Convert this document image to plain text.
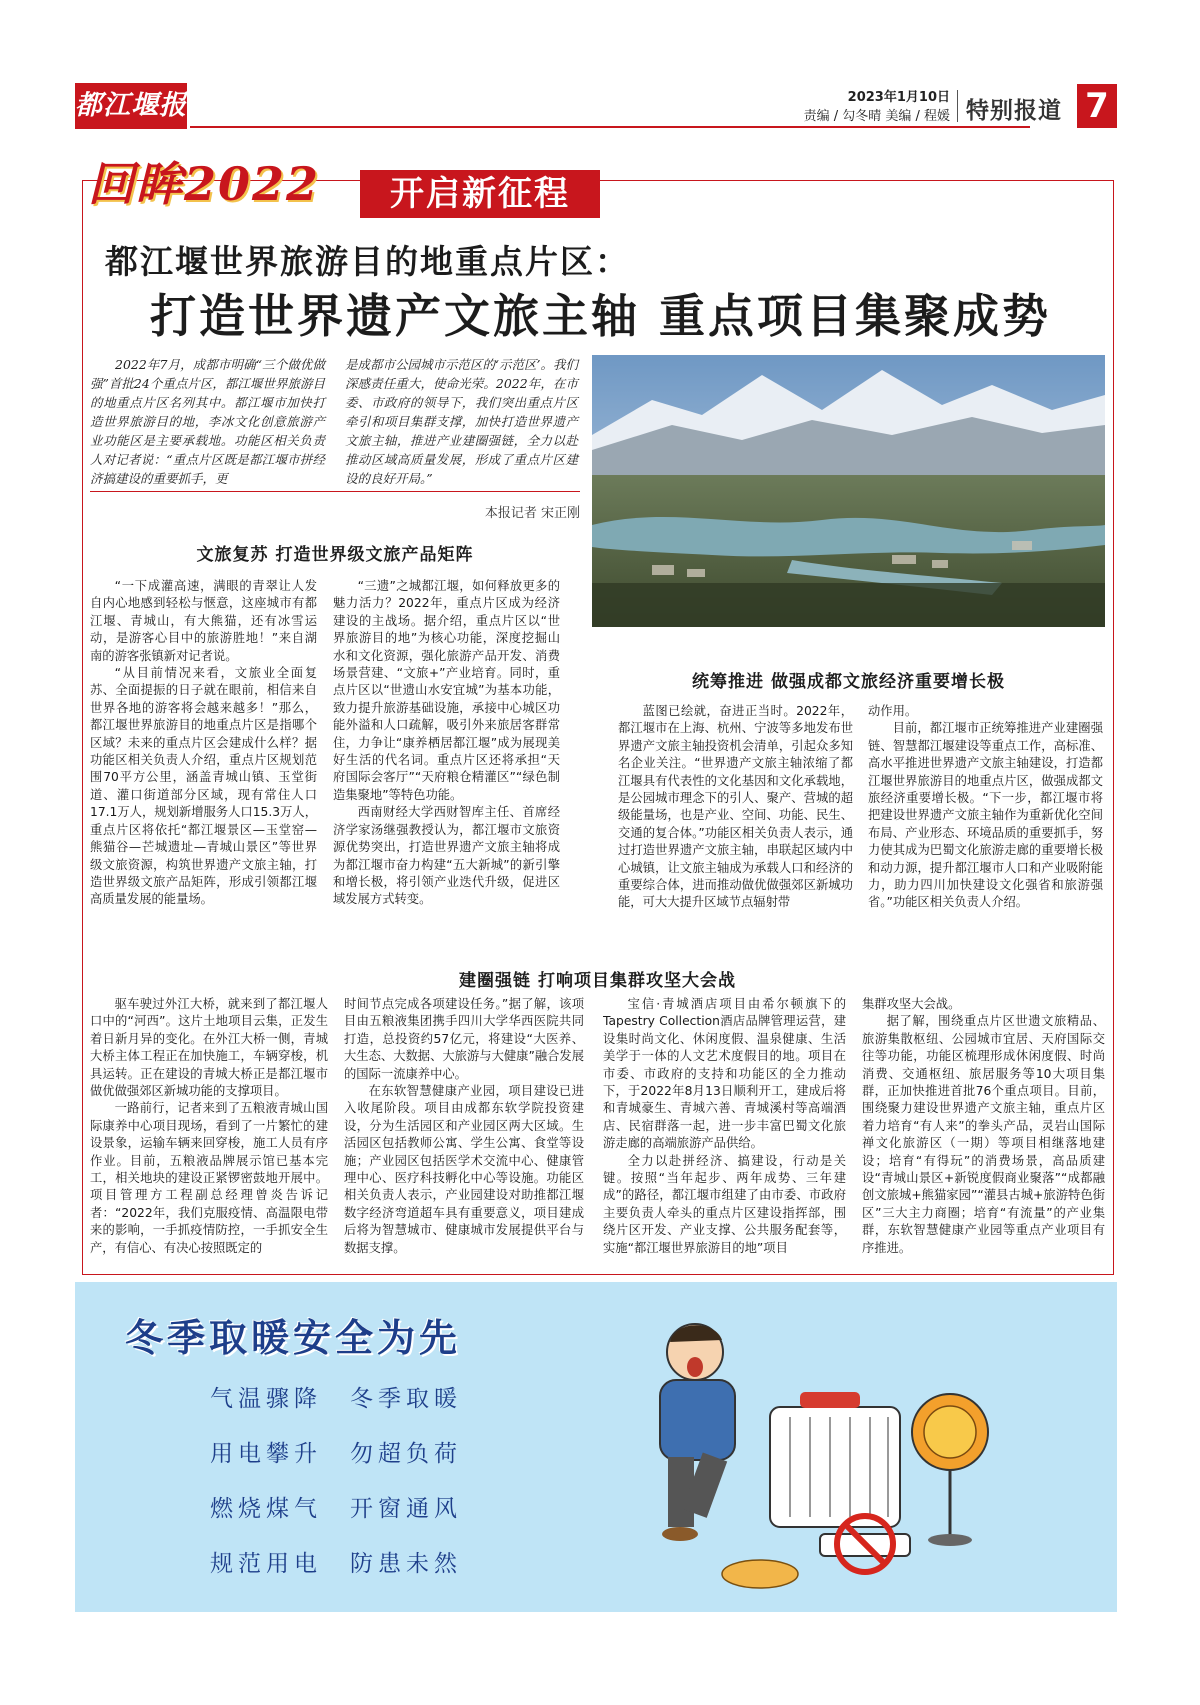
都江堰报	2023年1月10日
责编 / 勾冬晴 美编 / 程媛 特别报道 7
回眸2022	开启新征程
都江堰世界旅游目的地重点片区：
打造世界遗产文旅主轴 重点项目集聚成势
2022年7月，成都市明确“三个做优做强”首批24个重点片区，都江堰世界旅游目的地重点片区名列其中。都江堰市加快打造世界旅游目的地，李冰文化创意旅游产业功能区是主要承载地。功能区相关负责人对记者说：“重点片区既是都江堰市拼经济搞建设的重要抓手，更
是成都市公园城市示范区的‘示范区’。我们深感责任重大，使命光荣。2022年，在市委、市政府的领导下，我们突出重点片区牵引和项目集群支撑，加快打造世界遗产文旅主轴，推进产业建圈强链，全力以赴推动区域高质量发展，形成了重点片区建设的良好开局。”
本报记者 宋正刚
文旅复苏 打造世界级文旅产品矩阵

“一下成灌高速，满眼的青翠让人发自内心地感到轻松与惬意，这座城市有都江堰、青城山，有大熊猫，还有冰雪运动，是游客心目中的旅游胜地！”来自湖南的游客张镇新对记者说。

“从目前情况来看，文旅业全面复苏、全面提振的日子就在眼前，相信来自世界各地的游客将会越来越多！”那么，都江堰世界旅游目的地重点片区是指哪个区域？未来的重点片区会建成什么样？据功能区相关负责人介绍，重点片区规划范围70平方公里，涵盖青城山镇、玉堂街道、灌口街道部分区域，现有常住人口17.1万人，规划新增服务人口15.3万人，重点片区将依托“都江堰景区—玉堂窑—熊猫谷—芒城遗址—青城山景区”等世界级文旅资源，构筑世界遗产文旅主轴，打造世界级文旅产品矩阵，形成引领都江堰高质量发展的能量场。

“三遗”之城都江堰，如何释放更多的魅力活力？2022年，重点片区成为经济建设的主战场。据介绍，重点片区以“世界旅游目的地”为核心功能，深度挖掘山水和文化资源，强化旅游产品开发、消费场景营建、“文旅+”产业培育。同时，重点片区以“世遗山水安宜城”为基本功能，致力提升旅游基础设施，承接中心城区功能外溢和人口疏解，吸引外来旅居客群常住，力争让“康养栖居都江堰”成为展现美好生活的代名词。重点片区还将承担“天府国际会客厅”“天府粮仓精灌区”“绿色制造集聚地”等特色功能。

西南财经大学西财智库主任、首席经济学家汤继强教授认为，都江堰市文旅资源优势突出，打造世界遗产文旅主轴将成为都江堰市奋力构建“五大新城”的新引擎和增长极，将引领产业迭代升级，促进区域发展方式转变。

统筹推进 做强成都文旅经济重要增长极

蓝图已绘就，奋进正当时。2022年，都江堰市在上海、杭州、宁波等多地发布世界遗产文旅主轴投资机会清单，引起众多知名企业关注。“世界遗产文旅主轴浓缩了都江堰具有代表性的文化基因和文化承载地，是公园城市理念下的引人、聚产、营城的超级能量场，也是产业、空间、功能、民生、交通的复合体。”功能区相关负责人表示，通过打造世界遗产文旅主轴，串联起区域内中心城镇，让文旅主轴成为承载人口和经济的重要综合体，进而推动做优做强郊区新城功能，可大大提升区域节点辐射带

动作用。

目前，都江堰市正统筹推进产业建圈强链、智慧都江堰建设等重点工作，高标准、高水平推进世界遗产文旅主轴建设，打造都江堰世界旅游目的地重点片区，做强成都文旅经济重要增长极。“下一步，都江堰市将把建设世界遗产文旅主轴作为重新优化空间布局、产业形态、环境品质的重要抓手，努力使其成为巴蜀文化旅游走廊的重要增长极和动力源，提升都江堰市人口和产业吸附能力，助力四川加快建设文化强省和旅游强省。”功能区相关负责人介绍。

建圈强链 打响项目集群攻坚大会战

驱车驶过外江大桥，就来到了都江堰人口中的“河西”。这片土地项目云集，正发生着日新月异的变化。在外江大桥一侧，青城大桥主体工程正在加快施工，车辆穿梭，机具运转。正在建设的青城大桥正是都江堰市做优做强郊区新城功能的支撑项目。

一路前行，记者来到了五粮液青城山国际康养中心项目现场，看到了一片繁忙的建设景象，运输车辆来回穿梭，施工人员有序作业。目前，五粮液品牌展示馆已基本完工，相关地块的建设正紧锣密鼓地开展中。项目管理方工程副总经理曾炎告诉记者：“2022年，我们克服疫情、高温限电带来的影响，一手抓疫情防控，一手抓安全生产，有信心、有决心按照既定的

时间节点完成各项建设任务。”据了解，该项目由五粮液集团携手四川大学华西医院共同打造，总投资约57亿元，将建设“大医养、大生态、大数据、大旅游与大健康”融合发展的国际一流康养中心。

在东软智慧健康产业园，项目建设已进入收尾阶段。项目由成都东软学院投资建设，分为生活园区和产业园区两大区域。生活园区包括教师公寓、学生公寓、食堂等设施；产业园区包括医学术交流中心、健康管理中心、医疗科技孵化中心等设施。功能区相关负责人表示，产业园建设对助推都江堰数字经济弯道超车具有重要意义，项目建成后将为智慧城市、健康城市发展提供平台与数据支撑。

宝信·青城酒店项目由希尔顿旗下的Tapestry Collection酒店品牌管理运营，建设集时尚文化、休闲度假、温泉健康、生活美学于一体的人文艺术度假目的地。项目在市委、市政府的支持和功能区的全力推动下，于2022年8月13日顺利开工，建成后将和青城豪生、青城六善、青城溪村等高端酒店、民宿群落一起，进一步丰富巴蜀文化旅游走廊的高端旅游产品供给。

全力以赴拼经济、搞建设，行动是关键。按照“当年起步、两年成势、三年建成”的路径，都江堰市组建了由市委、市政府主要负责人牵头的重点片区建设指挥部，围绕片区开发、产业支撑、公共服务配套等，实施“都江堰世界旅游目的地”项目

集群攻坚大会战。

据了解，围绕重点片区世遗文旅精品、旅游集散枢纽、公园城市宜居、天府国际交往等功能，功能区梳理形成休闲度假、时尚消费、交通枢纽、旅居服务等10大项目集群，正加快推进首批76个重点项目。目前，围绕聚力建设世界遗产文旅主轴，重点片区着力培育“有人来”的拳头产品，灵岩山国际禅文化旅游区（一期）等项目相继落地建设；培育“有得玩”的消费场景，高品质建设“青城山景区+新锐度假商业聚落”“成都融创文旅城+熊猫家园”“灌县古城+旅游特色街区”三大主力商圈；培育“有流量”的产业集群，东软智慧健康产业园等重点产业项目有序推进。

冬季取暖安全为先
气温骤降 冬季取暖
用电攀升 勿超负荷
燃烧煤气 开窗通风
规范用电 防患未然
